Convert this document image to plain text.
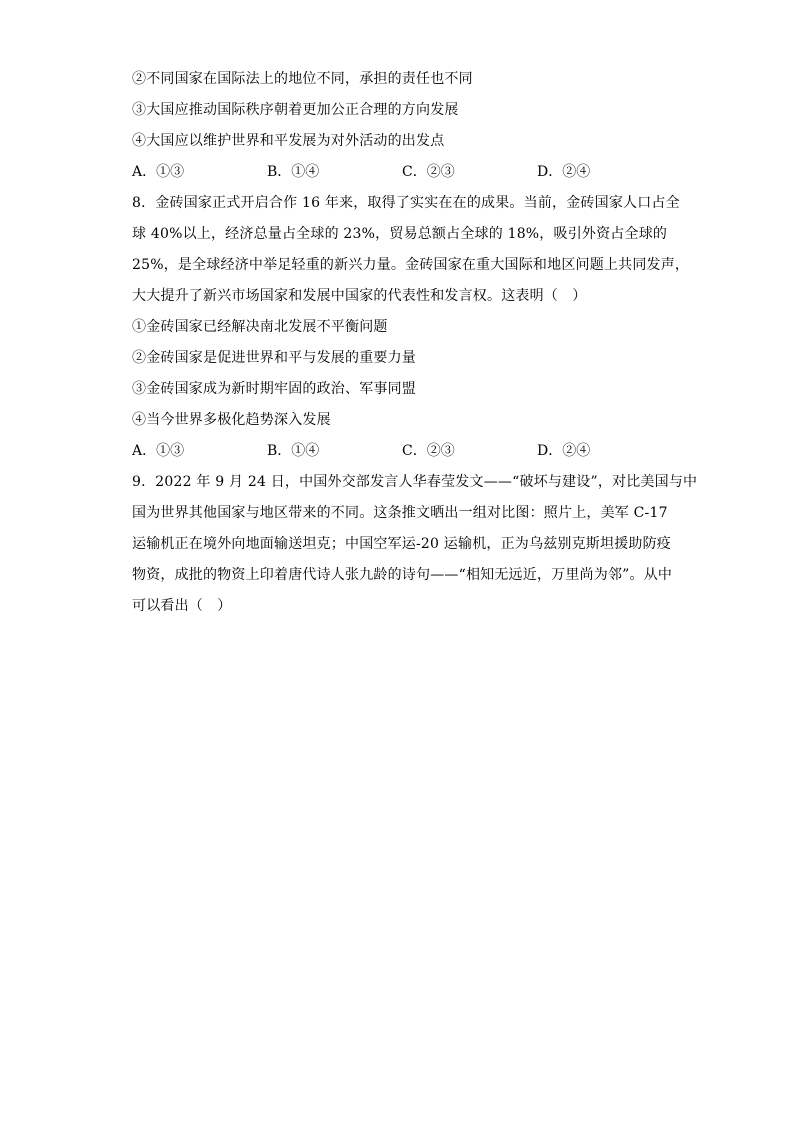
②不同国家在国际法上的地位不同，承担的责任也不同
③大国应推动国际秩序朝着更加公正合理的方向发展
④大国应以维护世界和平发展为对外活动的出发点
A．①③	B．①④	C．②③	D．②④
8．金砖国家正式开启合作 16 年来，取得了实实在在的成果。当前，金砖国家人口占全
球 40%以上，经济总量占全球的 23%，贸易总额占全球的 18%，吸引外资占全球的
25%，是全球经济中举足轻重的新兴力量。金砖国家在重大国际和地区问题上共同发声，
大大提升了新兴市场国家和发展中国家的代表性和发言权。这表明（　）
①金砖国家已经解决南北发展不平衡问题
②金砖国家是促进世界和平与发展的重要力量
③金砖国家成为新时期牢固的政治、军事同盟
④当今世界多极化趋势深入发展
A．①③	B．①④	C．②③	D．②④
9．2022 年 9 月 24 日，中国外交部发言人华春莹发文——“破坏与建设”，对比美国与中
国为世界其他国家与地区带来的不同。这条推文晒出一组对比图：照片上，美军 C-17
运输机正在境外向地面输送坦克；中国空军运-20 运输机，正为乌兹别克斯坦援助防疫
物资，成批的物资上印着唐代诗人张九龄的诗句——“相知无远近，万里尚为邻”。从中
可以看出（　）
